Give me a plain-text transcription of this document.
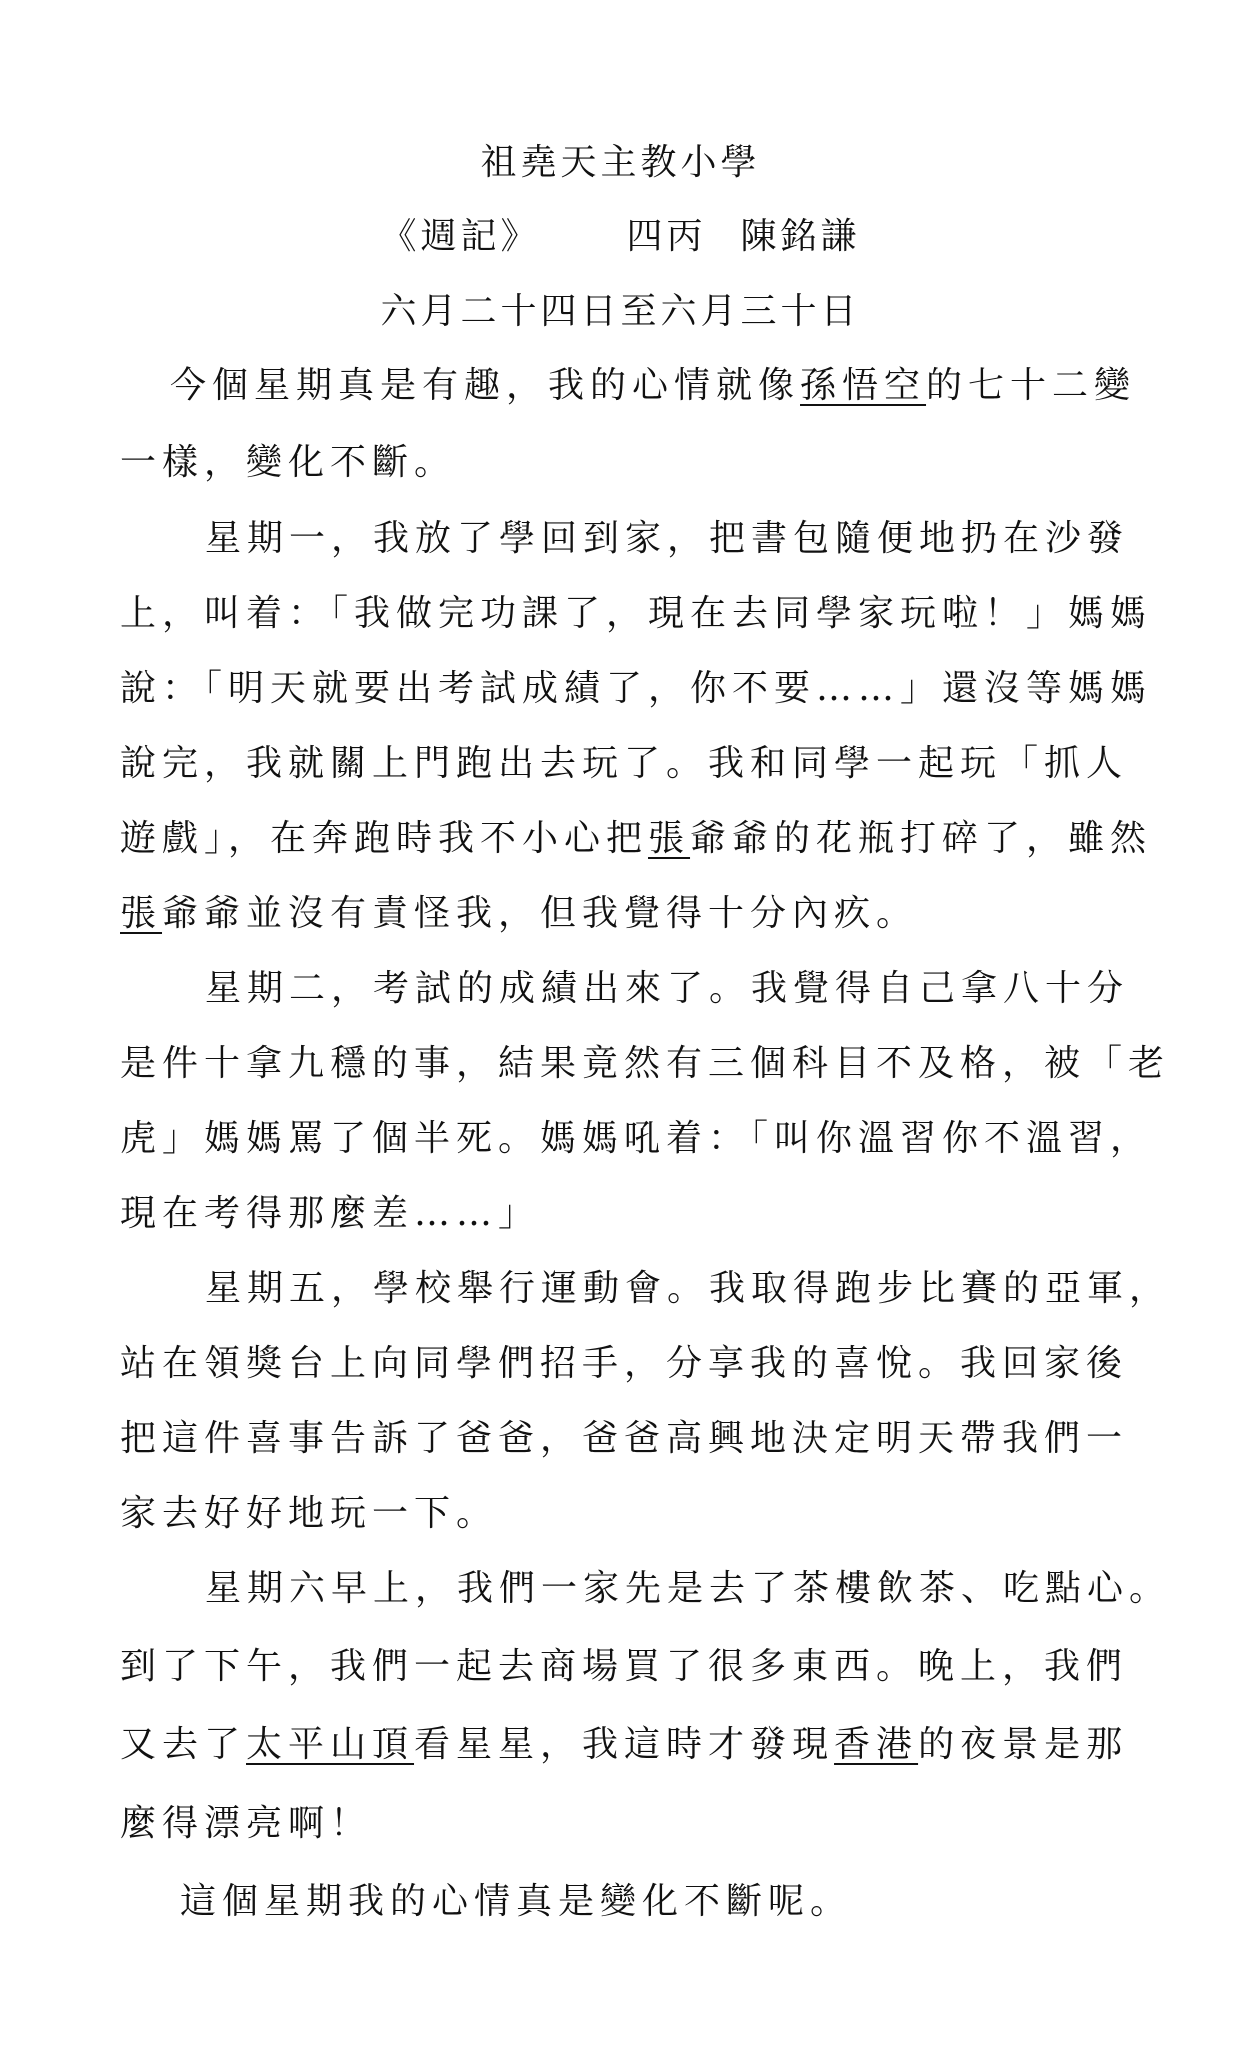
祖堯天主教小學
《週記》 四丙 陳銘謙
六月二十四日至六月三十日
今個星期真是有趣，我的心情就像孫悟空的七十二變
一樣，變化不斷。
星期一，我放了學回到家，把書包隨便地扔在沙發
上，叫着：「我做完功課了，現在去同學家玩啦！」媽媽
說：「明天就要出考試成績了，你不要……」還沒等媽媽
說完，我就關上門跑出去玩了。我和同學一起玩「抓人
遊戲」，在奔跑時我不小心把張爺爺的花瓶打碎了，雖然
張爺爺並沒有責怪我，但我覺得十分內疚。
星期二，考試的成績出來了。我覺得自己拿八十分
是件十拿九穩的事，結果竟然有三個科目不及格，被「老
虎」媽媽罵了個半死。媽媽吼着：「叫你溫習你不溫習，
現在考得那麼差……」
星期五，學校舉行運動會。我取得跑步比賽的亞軍，
站在領獎台上向同學們招手，分享我的喜悅。我回家後
把這件喜事告訴了爸爸，爸爸高興地決定明天帶我們一
家去好好地玩一下。
星期六早上，我們一家先是去了茶樓飲茶、吃點心。
到了下午，我們一起去商場買了很多東西。晚上，我們
又去了太平山頂看星星，我這時才發現香港的夜景是那
麼得漂亮啊！
這個星期我的心情真是變化不斷呢。
